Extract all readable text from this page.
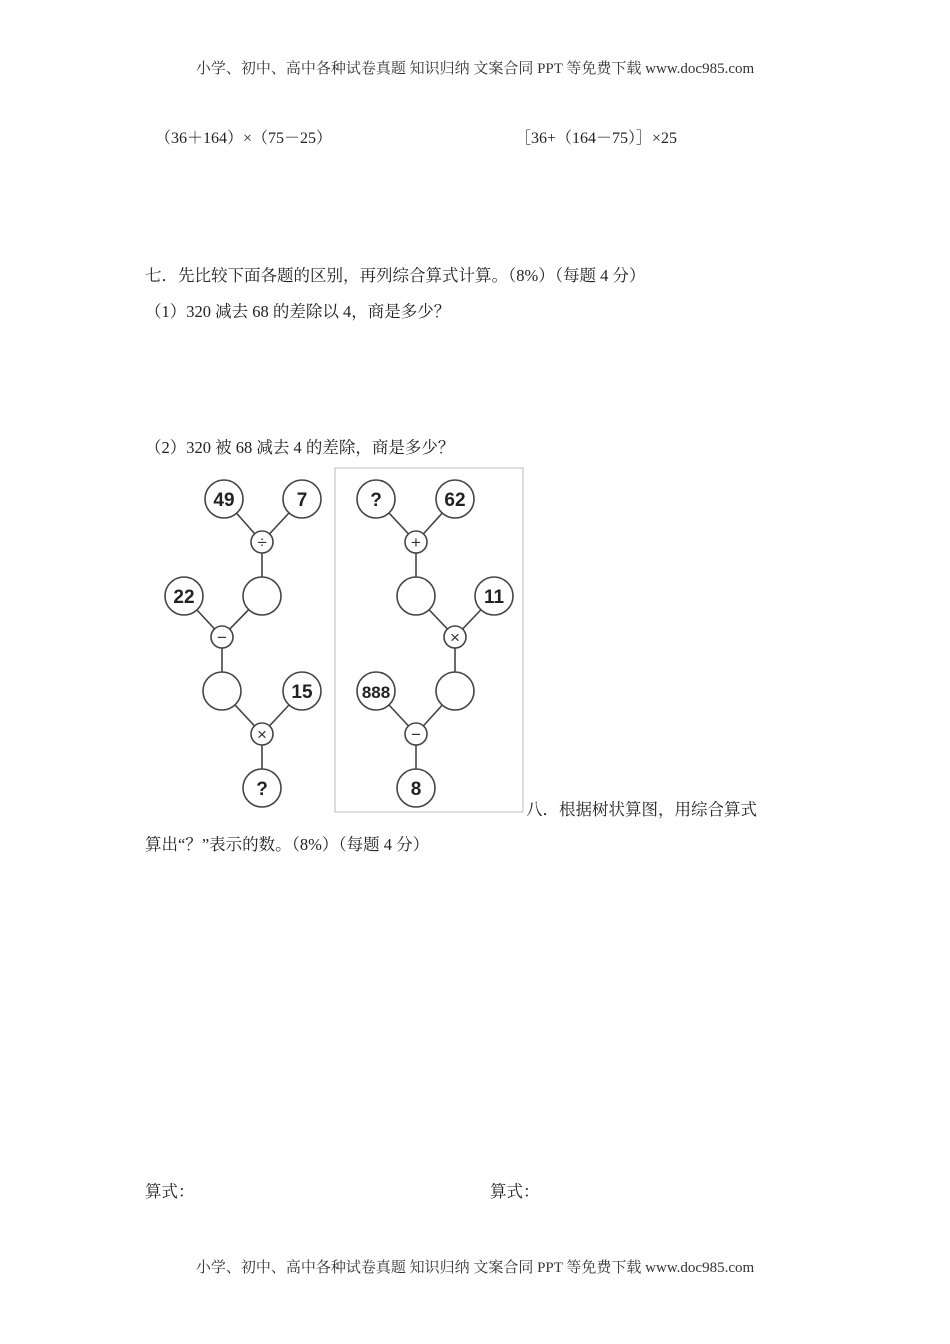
小学、初中、高中各种试卷真题 知识归纳 文案合同 PPT 等免费下载 www.doc985.com
（36＋164）×（75－25）	［36+（164－75）］×25
七．先比较下面各题的区别，再列综合算式计算。（8%）（每题 4 分）
（1）320 减去 68 的差除以 4，商是多少？
（2）320 被 68 减去 4 的差除，商是多少？
49	7
22
15
?
÷
−
×
?	62
11
888
8
+
×
−
八．根据树状算图，用综合算式
算出“？”表示的数。（8%）（每题 4 分）
算式：	算式：
小学、初中、高中各种试卷真题 知识归纳 文案合同 PPT 等免费下载 www.doc985.com
